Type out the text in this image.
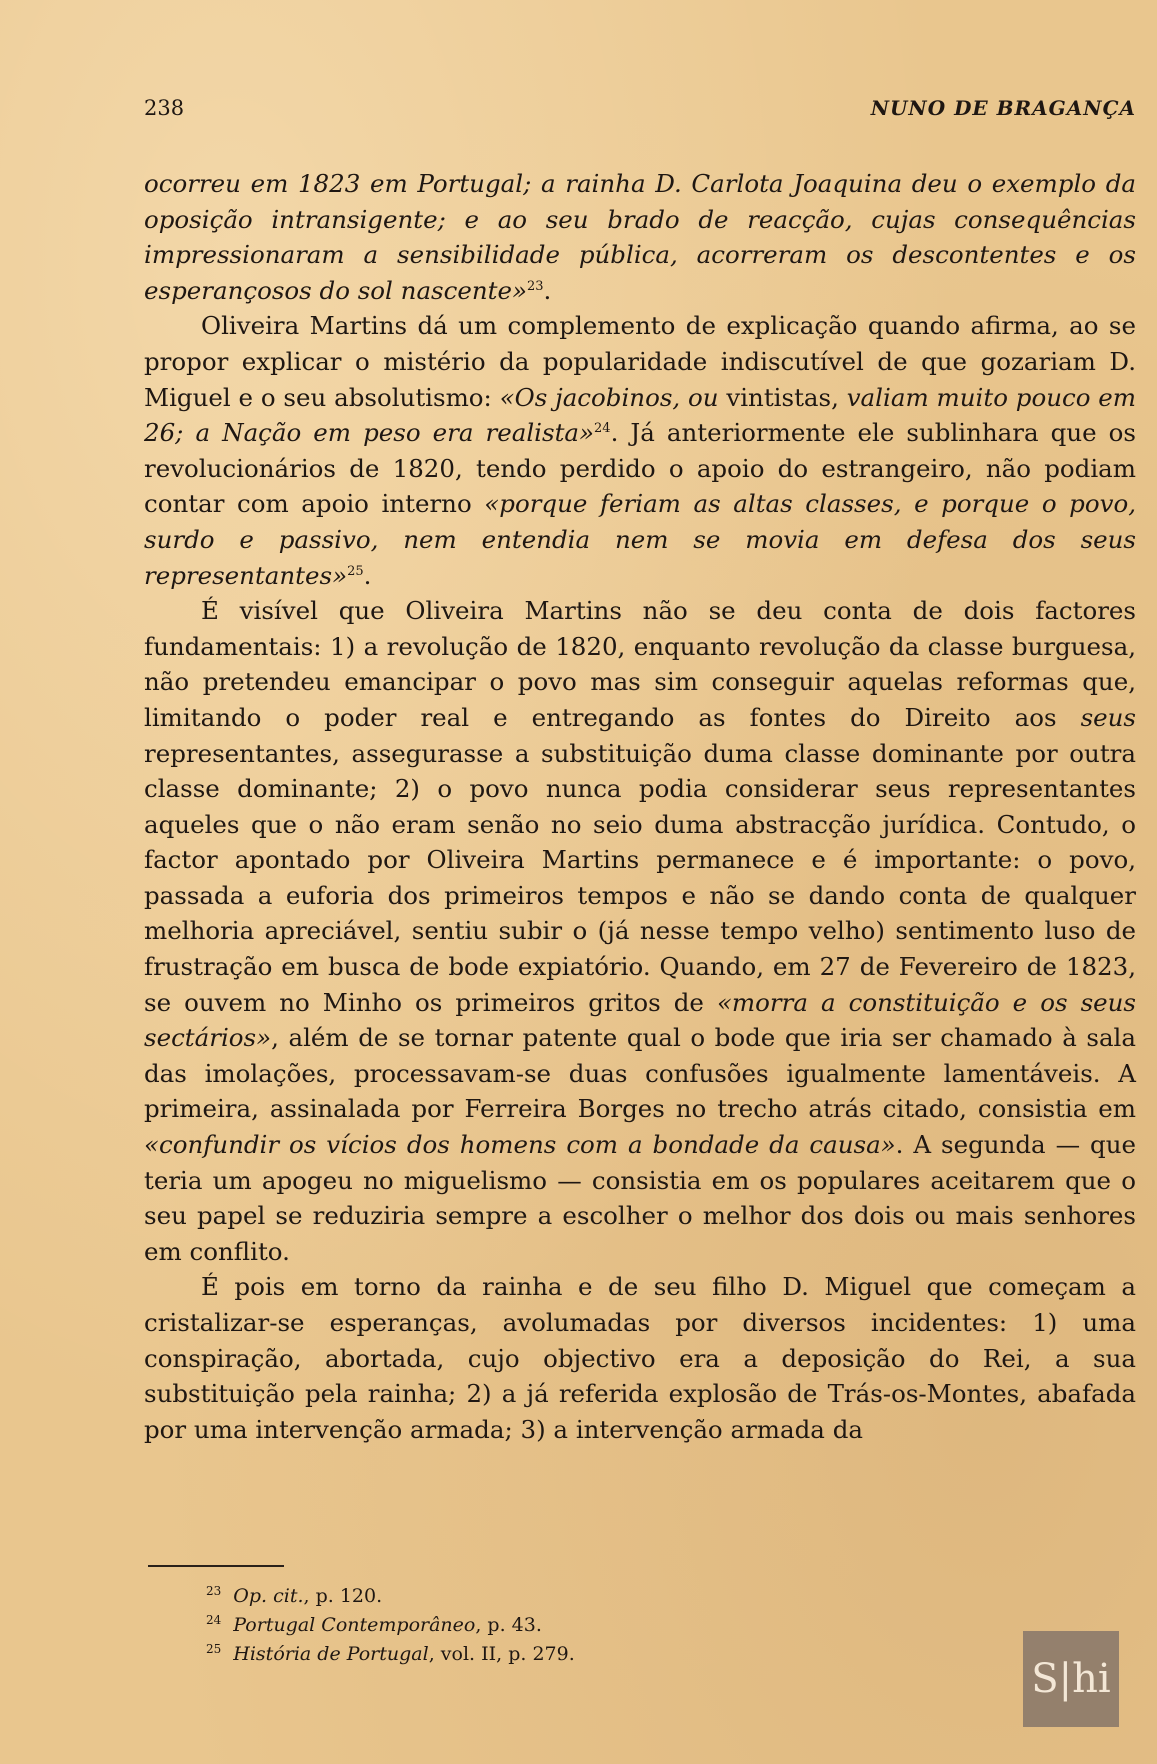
238	NUNO DE BRAGANÇA

ocorreu em 1823 em Portugal; a rainha D. Carlota Joaquina deu o exemplo da oposição intransigente; e ao seu brado de reacção, cujas consequências impressionaram a sensibilidade pública, acorreram os descontentes e os esperançosos do sol nascente»$^{23}$.

Oliveira Martins dá um complemento de explicação quando afirma, ao se propor explicar o mistério da popularidade indiscutível de que gozariam D. Miguel e o seu absolutismo: «Os jacobinos, ou vintistas, valiam muito pouco em 26; a Nação em peso era realista»$^{24}$. Já anteriormente ele sublinhara que os revolucionários de 1820, tendo perdido o apoio do estrangeiro, não podiam contar com apoio interno «porque feriam as altas classes, e porque o povo, surdo e passivo, nem entendia nem se movia em defesa dos seus representantes»$^{25}$.

É visível que Oliveira Martins não se deu conta de dois factores fundamentais: 1) a revolução de 1820, enquanto revolução da classe burguesa, não pretendeu emancipar o povo mas sim conseguir aquelas reformas que, limitando o poder real e entregando as fontes do Direito aos seus representantes, assegurasse a substituição duma classe dominante por outra classe dominante; 2) o povo nunca podia considerar seus representantes aqueles que o não eram senão no seio duma abstracção jurídica. Contudo, o factor apontado por Oliveira Martins permanece e é importante: o povo, passada a euforia dos primeiros tempos e não se dando conta de qualquer melhoria apreciável, sentiu subir o (já nesse tempo velho) sentimento luso de frustração em busca de bode expiatório. Quando, em 27 de Fevereiro de 1823, se ouvem no Minho os primeiros gritos de «morra a constituição e os seus sectários», além de se tornar patente qual o bode que iria ser chamado à sala das imolações, processavam-se duas confusões igualmente lamentáveis. A primeira, assinalada por Ferreira Borges no trecho atrás citado, consistia em «confundir os vícios dos homens com a bondade da causa». A segunda — que teria um apogeu no miguelismo — consistia em os populares aceitarem que o seu papel se reduziria sempre a escolher o melhor dos dois ou mais senhores em conflito.

É pois em torno da rainha e de seu filho D. Miguel que começam a cristalizar-se esperanças, avolumadas por diversos incidentes: 1) uma conspiração, abortada, cujo objectivo era a deposição do Rei, a sua substituição pela rainha; 2) a já referida explosão de Trás-os-Montes, abafada por uma intervenção armada; 3) a intervenção armada da

$^{23}$ Op. cit., p. 120.
$^{24}$ Portugal Contemporâneo, p. 43.
$^{25}$ História de Portugal, vol. II, p. 279.
S|hi
